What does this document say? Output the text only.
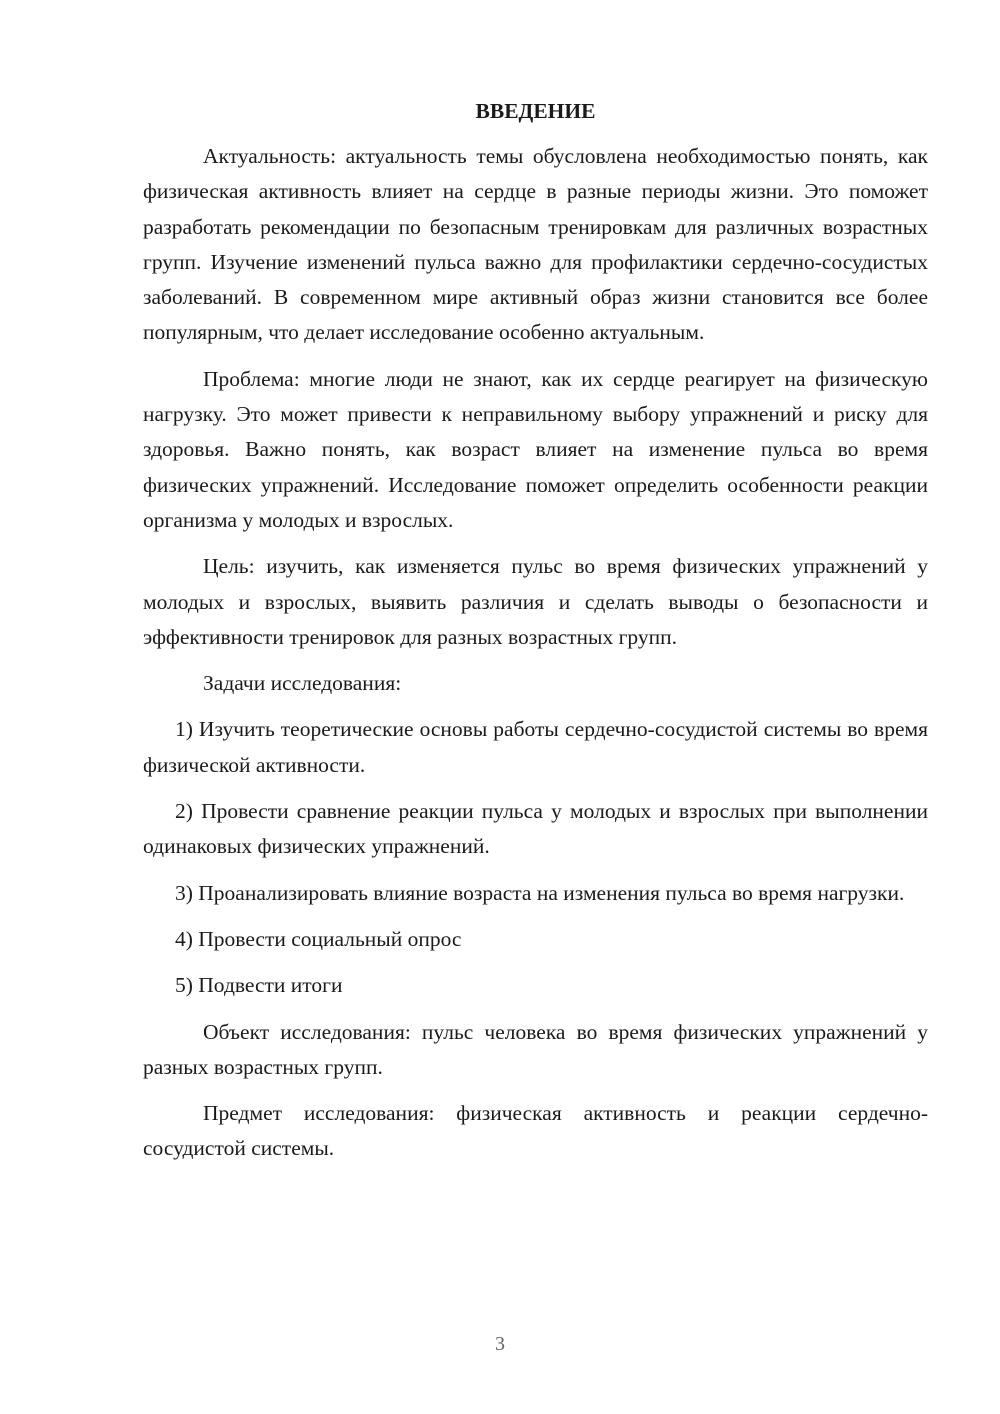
ВВЕДЕНИЕ

Актуальность: актуальность темы обусловлена необходимостью понять, как физическая активность влияет на сердце в разные периоды жизни. Это поможет разработать рекомендации по безопасным тренировкам для различных возрастных групп. Изучение изменений пульса важно для профилактики сердечно-сосудистых заболеваний. В современном мире активный образ жизни становится все более популярным, что делает исследование особенно актуальным.

Проблема: многие люди не знают, как их сердце реагирует на физическую нагрузку. Это может привести к неправильному выбору упражнений и риску для здоровья. Важно понять, как возраст влияет на изменение пульса во время физических упражнений. Исследование поможет определить особенности реакции организма у молодых и взрослых.

Цель: изучить, как изменяется пульс во время физических упражнений у молодых и взрослых, выявить различия и сделать выводы о безопасности и эффективности тренировок для разных возрастных групп.

Задачи исследования:

1) Изучить теоретические основы работы сердечно-сосудистой системы во время физической активности.

2) Провести сравнение реакции пульса у молодых и взрослых при выполнении одинаковых физических упражнений.

3) Проанализировать влияние возраста на изменения пульса во время нагрузки.

4) Провести социальный опрос

5) Подвести итоги

Объект исследования: пульс человека во время физических упражнений у разных возрастных групп.

Предмет исследования: физическая активность и реакции сердечно-сосудистой системы.

3
